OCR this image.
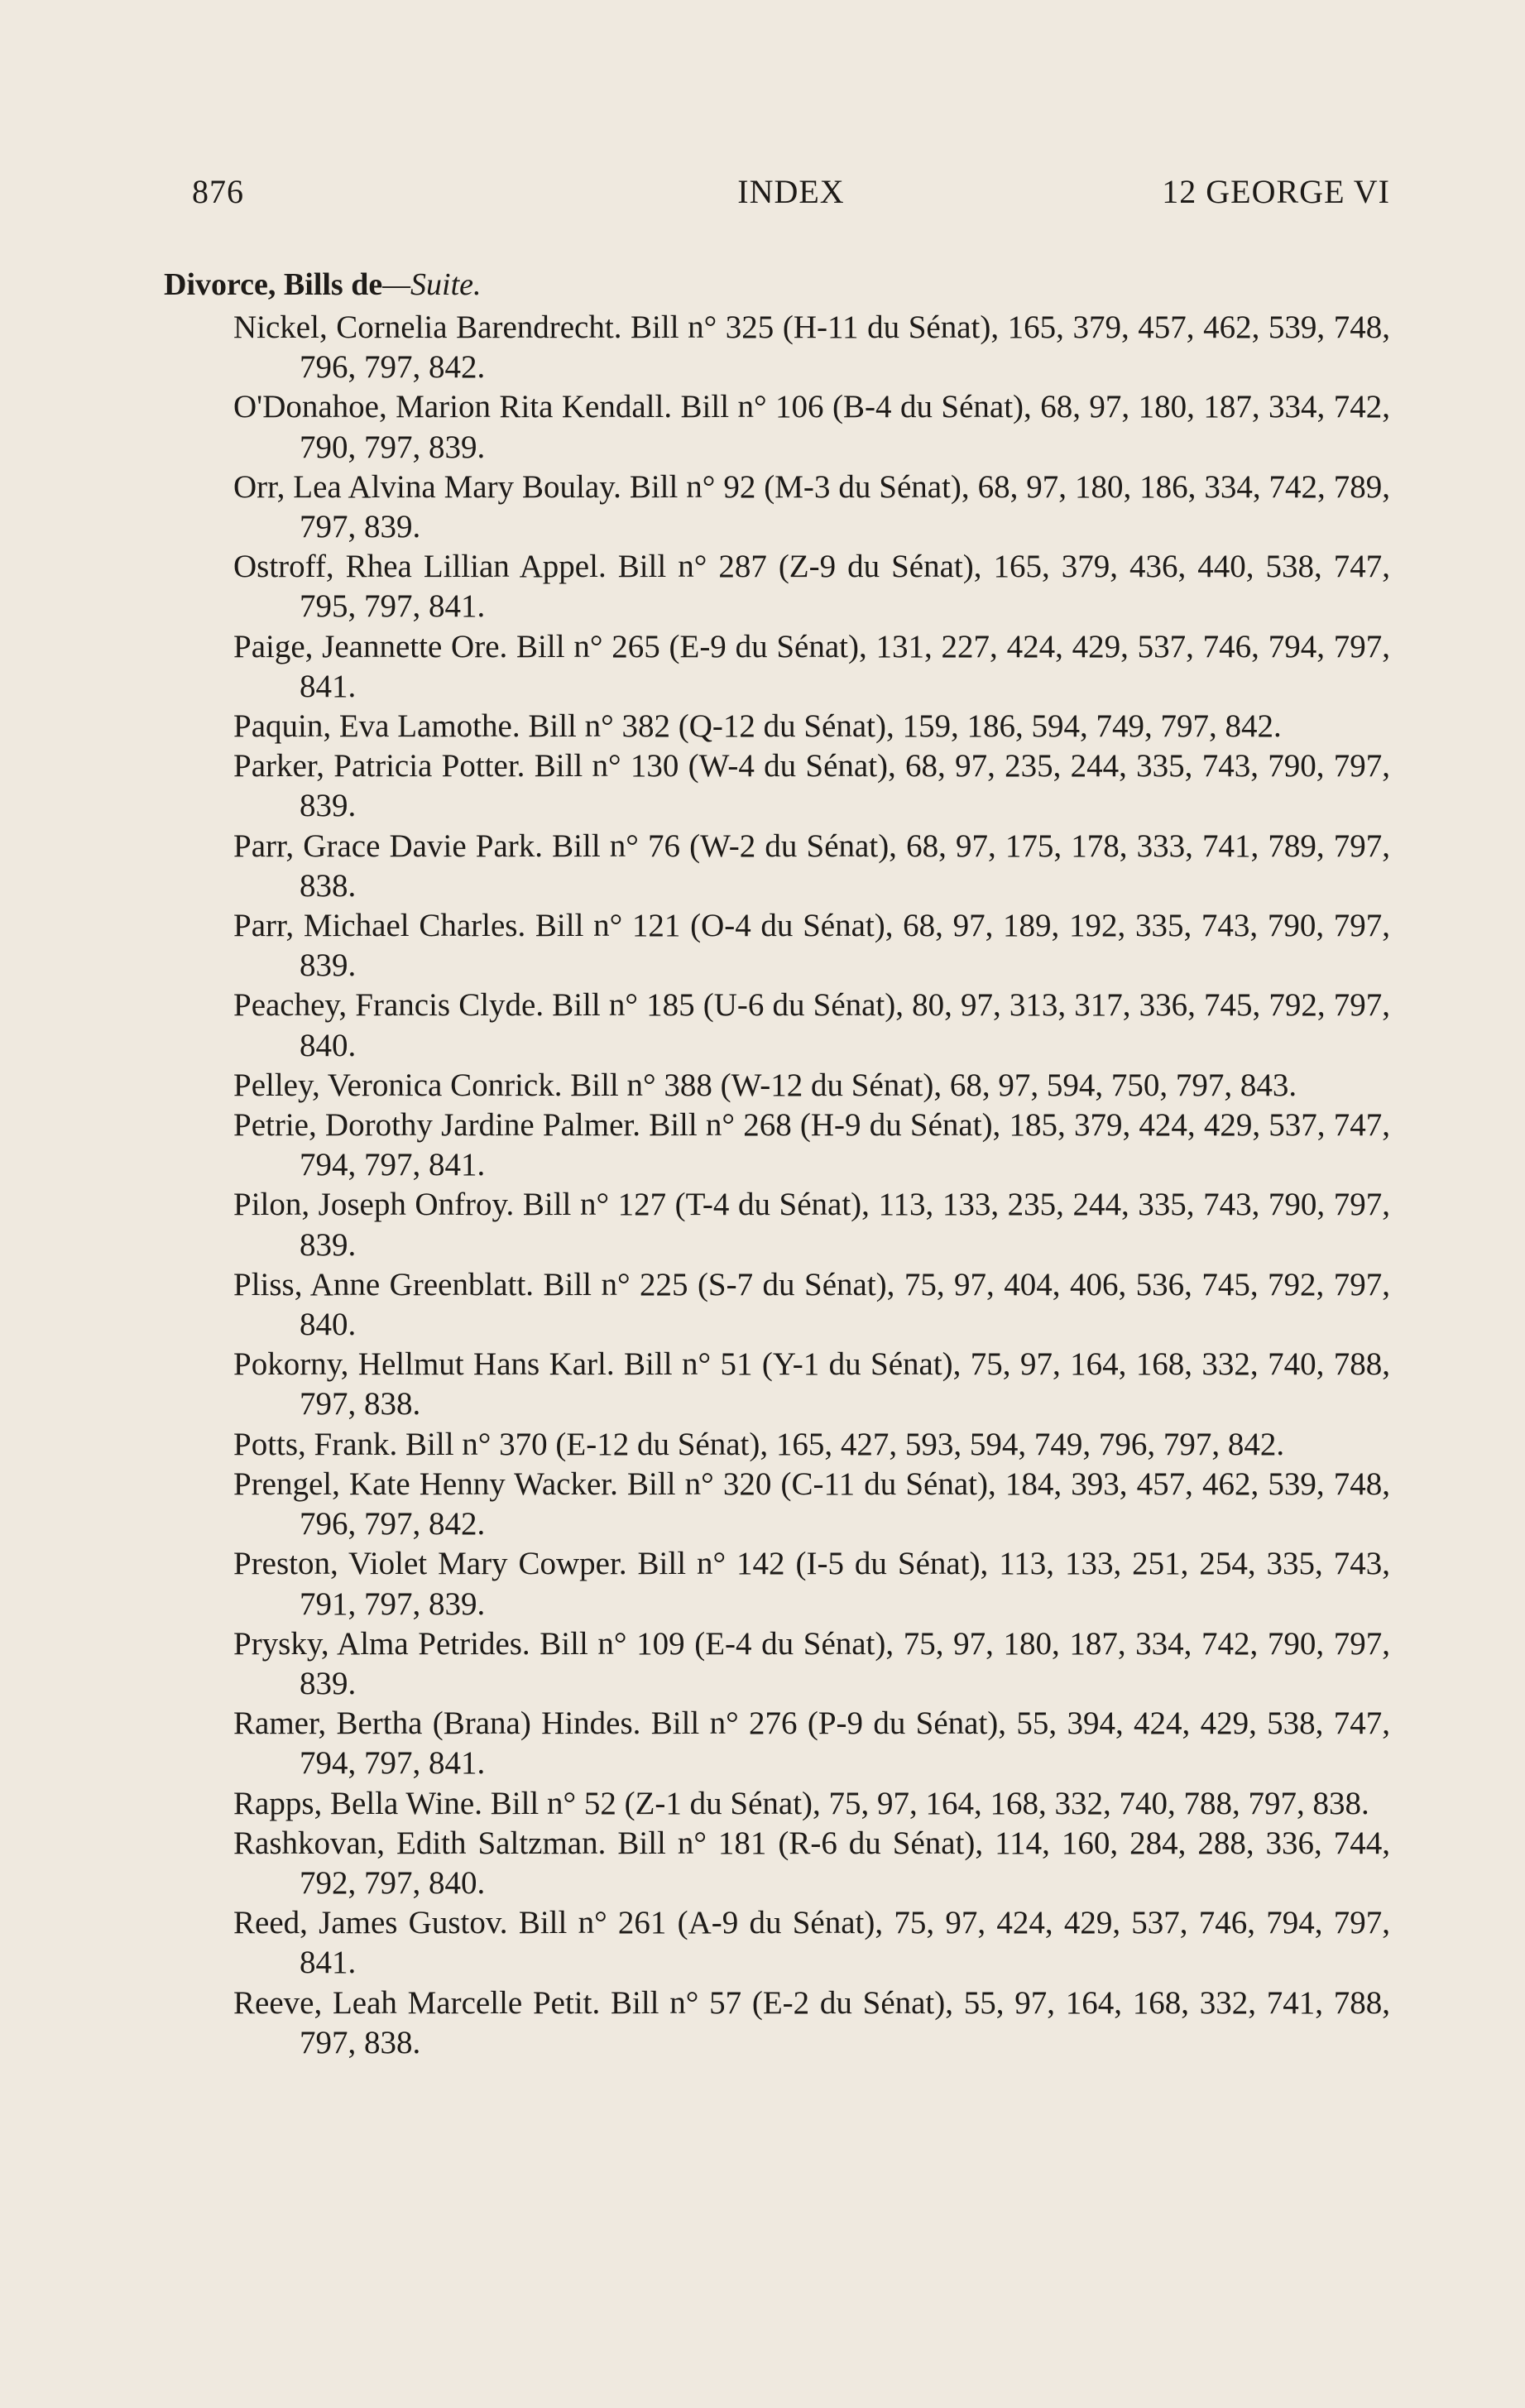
876	INDEX	12 GEORGE VI
Divorce, Bills de—Suite.
Nickel, Cornelia Barendrecht. Bill n° 325 (H-11 du Sénat), 165, 379, 457, 462, 539, 748, 796, 797, 842.
O'Donahoe, Marion Rita Kendall. Bill n° 106 (B-4 du Sénat), 68, 97, 180, 187, 334, 742, 790, 797, 839.
Orr, Lea Alvina Mary Boulay. Bill n° 92 (M-3 du Sénat), 68, 97, 180, 186, 334, 742, 789, 797, 839.
Ostroff, Rhea Lillian Appel. Bill n° 287 (Z-9 du Sénat), 165, 379, 436, 440, 538, 747, 795, 797, 841.
Paige, Jeannette Ore. Bill n° 265 (E-9 du Sénat), 131, 227, 424, 429, 537, 746, 794, 797, 841.
Paquin, Eva Lamothe. Bill n° 382 (Q-12 du Sénat), 159, 186, 594, 749, 797, 842.
Parker, Patricia Potter. Bill n° 130 (W-4 du Sénat), 68, 97, 235, 244, 335, 743, 790, 797, 839.
Parr, Grace Davie Park. Bill n° 76 (W-2 du Sénat), 68, 97, 175, 178, 333, 741, 789, 797, 838.
Parr, Michael Charles. Bill n° 121 (O-4 du Sénat), 68, 97, 189, 192, 335, 743, 790, 797, 839.
Peachey, Francis Clyde. Bill n° 185 (U-6 du Sénat), 80, 97, 313, 317, 336, 745, 792, 797, 840.
Pelley, Veronica Conrick. Bill n° 388 (W-12 du Sénat), 68, 97, 594, 750, 797, 843.
Petrie, Dorothy Jardine Palmer. Bill n° 268 (H-9 du Sénat), 185, 379, 424, 429, 537, 747, 794, 797, 841.
Pilon, Joseph Onfroy. Bill n° 127 (T-4 du Sénat), 113, 133, 235, 244, 335, 743, 790, 797, 839.
Pliss, Anne Greenblatt. Bill n° 225 (S-7 du Sénat), 75, 97, 404, 406, 536, 745, 792, 797, 840.
Pokorny, Hellmut Hans Karl. Bill n° 51 (Y-1 du Sénat), 75, 97, 164, 168, 332, 740, 788, 797, 838.
Potts, Frank. Bill n° 370 (E-12 du Sénat), 165, 427, 593, 594, 749, 796, 797, 842.
Prengel, Kate Henny Wacker. Bill n° 320 (C-11 du Sénat), 184, 393, 457, 462, 539, 748, 796, 797, 842.
Preston, Violet Mary Cowper. Bill n° 142 (I-5 du Sénat), 113, 133, 251, 254, 335, 743, 791, 797, 839.
Prysky, Alma Petrides. Bill n° 109 (E-4 du Sénat), 75, 97, 180, 187, 334, 742, 790, 797, 839.
Ramer, Bertha (Brana) Hindes. Bill n° 276 (P-9 du Sénat), 55, 394, 424, 429, 538, 747, 794, 797, 841.
Rapps, Bella Wine. Bill n° 52 (Z-1 du Sénat), 75, 97, 164, 168, 332, 740, 788, 797, 838.
Rashkovan, Edith Saltzman. Bill n° 181 (R-6 du Sénat), 114, 160, 284, 288, 336, 744, 792, 797, 840.
Reed, James Gustov. Bill n° 261 (A-9 du Sénat), 75, 97, 424, 429, 537, 746, 794, 797, 841.
Reeve, Leah Marcelle Petit. Bill n° 57 (E-2 du Sénat), 55, 97, 164, 168, 332, 741, 788, 797, 838.
